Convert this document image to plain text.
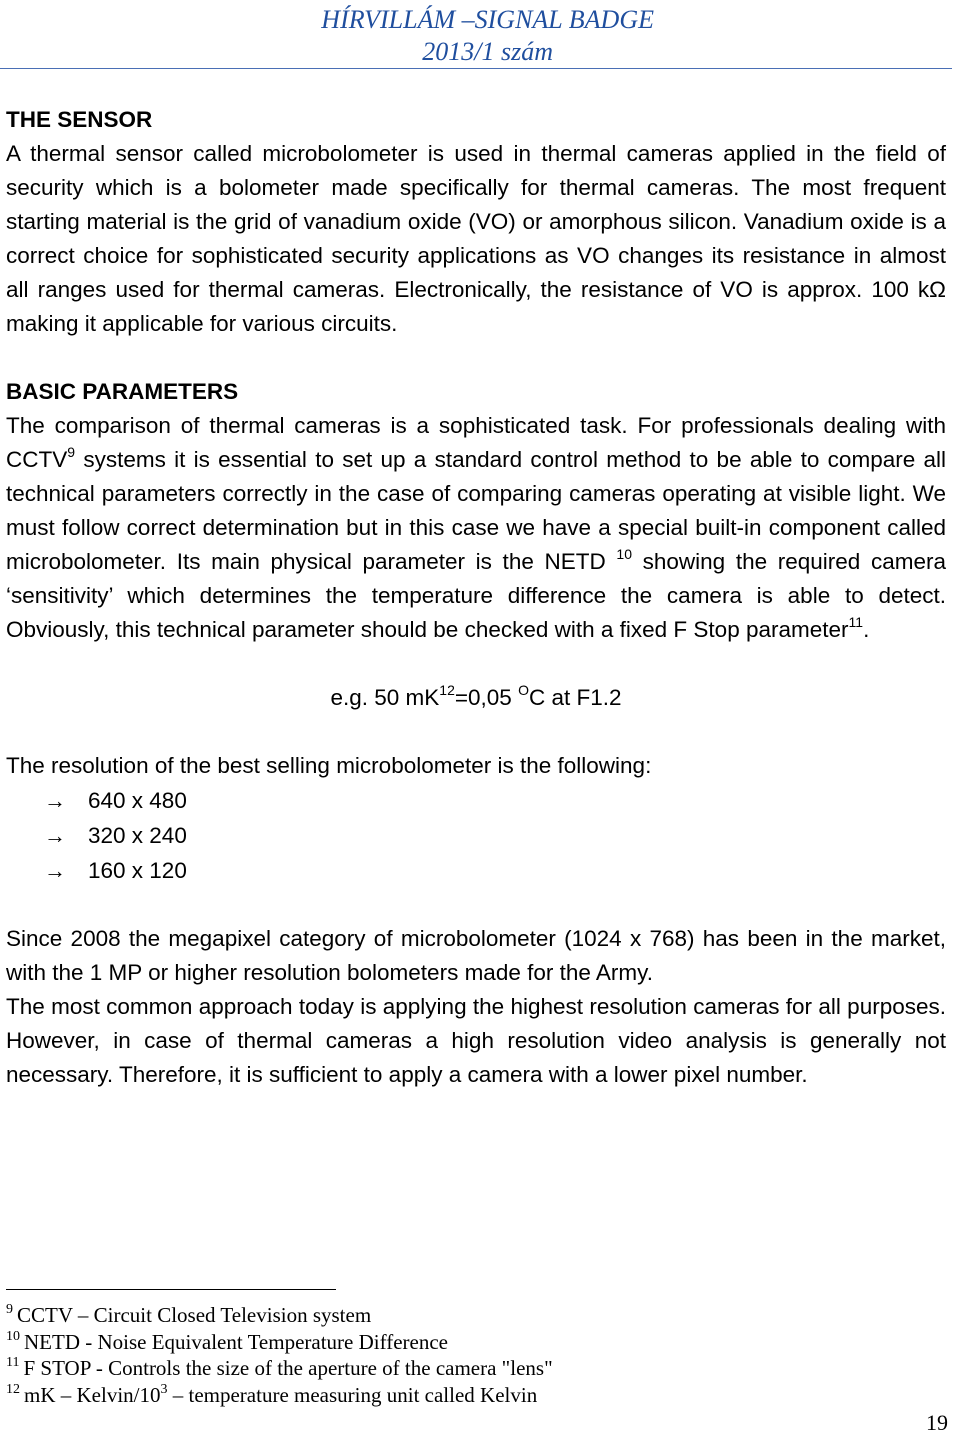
HÍRVILLÁM –SIGNAL BADGE
2013/1 szám

THE SENSOR

A thermal sensor called microbolometer is used in thermal cameras applied in the field of security which is a bolometer made specifically for thermal cameras. The most frequent starting material is the grid of vanadium oxide (VO) or amorphous silicon. Vanadium oxide is a correct choice for sophisticated security applications as VO changes its resistance in almost all ranges used for thermal cameras. Electronically, the resistance of VO is approx. 100 kΩ making it applicable for various circuits.

BASIC PARAMETERS

The comparison of thermal cameras is a sophisticated task. For professionals dealing with CCTV$^9$ systems it is essential to set up a standard control method to be able to compare all technical parameters correctly in the case of comparing cameras operating at visible light. We must follow correct determination but in this case we have a special built-in component called microbolometer. Its main physical parameter is the NETD $^{10}$ showing the required camera ‘sensitivity’ which determines the temperature difference the camera is able to detect. Obviously, this technical parameter should be checked with a fixed F Stop parameter$^{11}$.

e.g. 50 $mK^{12}=0,05$ $^O$C at F1.2

The resolution of the best selling microbolometer is the following:

→ 640 x 480
→ 320 x 240
→ 160 x 120

Since 2008 the megapixel category of microbolometer (1024 x 768) has been in the market, with the 1 MP or higher resolution bolometers made for the Army.

The most common approach today is applying the highest resolution cameras for all purposes. However, in case of thermal cameras a high resolution video analysis is generally not necessary. Therefore, it is sufficient to apply a camera with a lower pixel number.

$^9$ CCTV – Circuit Closed Television system
$^{10}$ NETD - Noise Equivalent Temperature Difference
$^{11}$ F STOP - Controls the size of the aperture of the camera "lens"
$^{12}$ mK – Kelvin/$10^3$ – temperature measuring unit called Kelvin
19
